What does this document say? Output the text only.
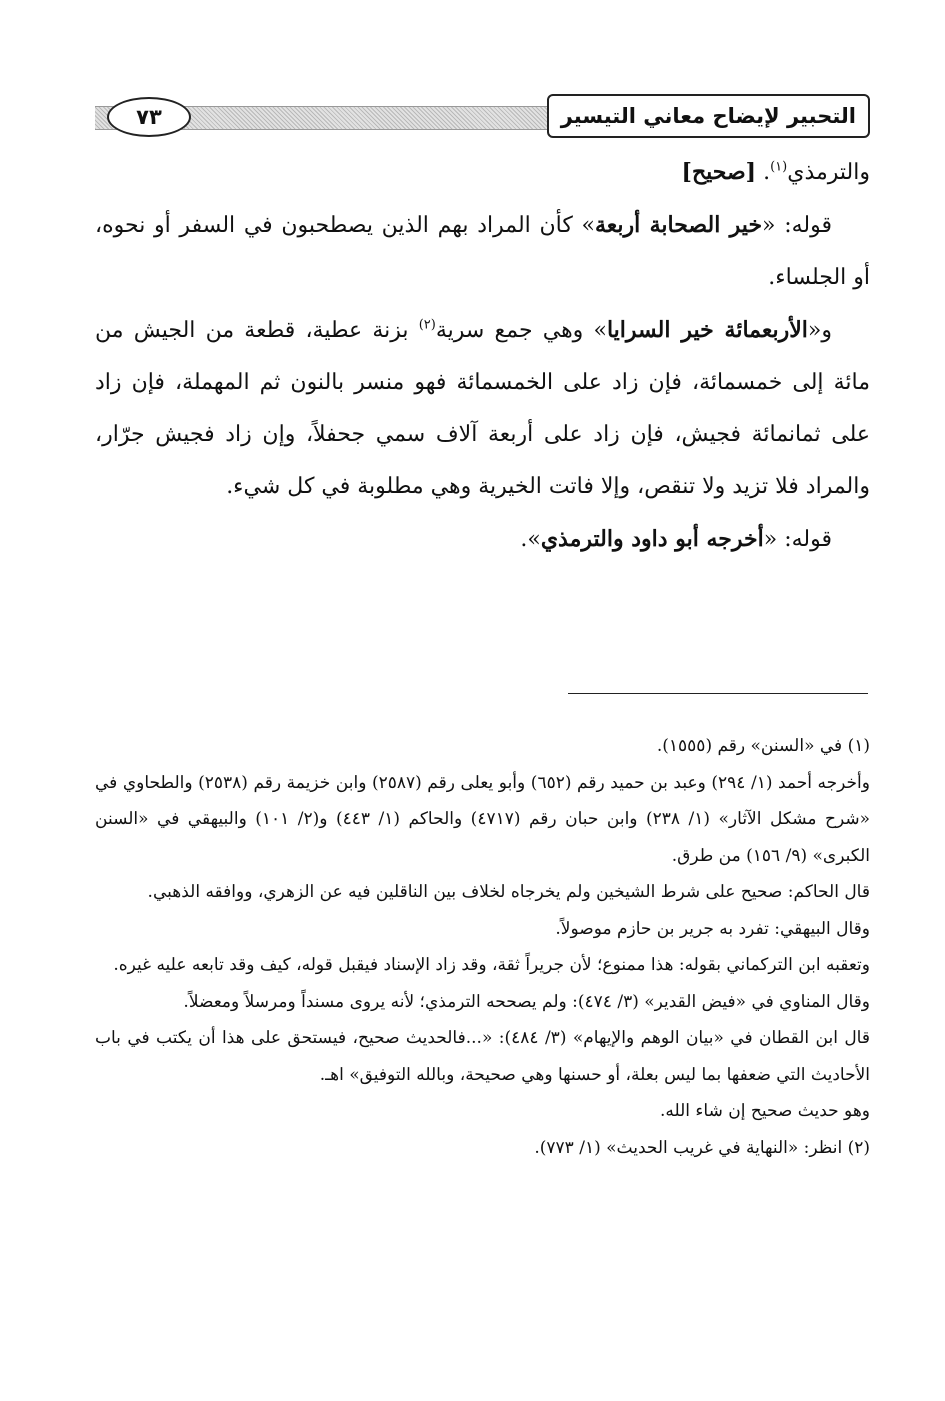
٧٣	التحبير لإيضاح معاني التيسير

والترمذي$^{(١)}$. [صحيح]

قوله: «خير الصحابة أربعة» كأن المراد بهم الذين يصطحبون في السفر أو نحوه، أو الجلساء.

و«الأربعمائة خير السرايا» وهي جمع سرية$^{(٢)}$ بزنة عطية، قطعة من الجيش من مائة إلى خمسمائة، فإن زاد على الخمسمائة فهو منسر بالنون ثم المهملة، فإن زاد على ثمانمائة فجيش، فإن زاد على أربعة آلاف سمي جحفلاً، وإن زاد فجيش جرّار، والمراد فلا تزيد ولا تنقص، وإلا فاتت الخيرية وهي مطلوبة في كل شيء.

قوله: «أخرجه أبو داود والترمذي».

(١) في «السنن» رقم (١٥٥٥).

وأخرجه أحمد (١/ ٢٩٤) وعبد بن حميد رقم (٦٥٢) وأبو يعلى رقم (٢٥٨٧) وابن خزيمة رقم (٢٥٣٨) والطحاوي في «شرح مشكل الآثار» (١/ ٢٣٨) وابن حبان رقم (٤٧١٧) والحاكم (١/ ٤٤٣) و(٢/ ١٠١) والبيهقي في «السنن الكبرى» (٩/ ١٥٦) من طرق.

قال الحاكم: صحيح على شرط الشيخين ولم يخرجاه لخلاف بين الناقلين فيه عن الزهري، ووافقه الذهبي.

وقال البيهقي: تفرد به جرير بن حازم موصولاً.

وتعقبه ابن التركماني بقوله: هذا ممنوع؛ لأن جريراً ثقة، وقد زاد الإسناد فيقبل قوله، كيف وقد تابعه عليه غيره.

وقال المناوي في «فيض القدير» (٣/ ٤٧٤): ولم يصححه الترمذي؛ لأنه يروى مسنداً ومرسلاً ومعضلاً.

قال ابن القطان في «بيان الوهم والإيهام» (٣/ ٤٨٤): «...فالحديث صحيح، فيستحق على هذا أن يكتب في باب الأحاديث التي ضعفها بما ليس بعلة، أو حسنها وهي صحيحة، وبالله التوفيق» اهـ.

وهو حديث صحيح إن شاء الله.

(٢) انظر: «النهاية في غريب الحديث» (١/ ٧٧٣).
